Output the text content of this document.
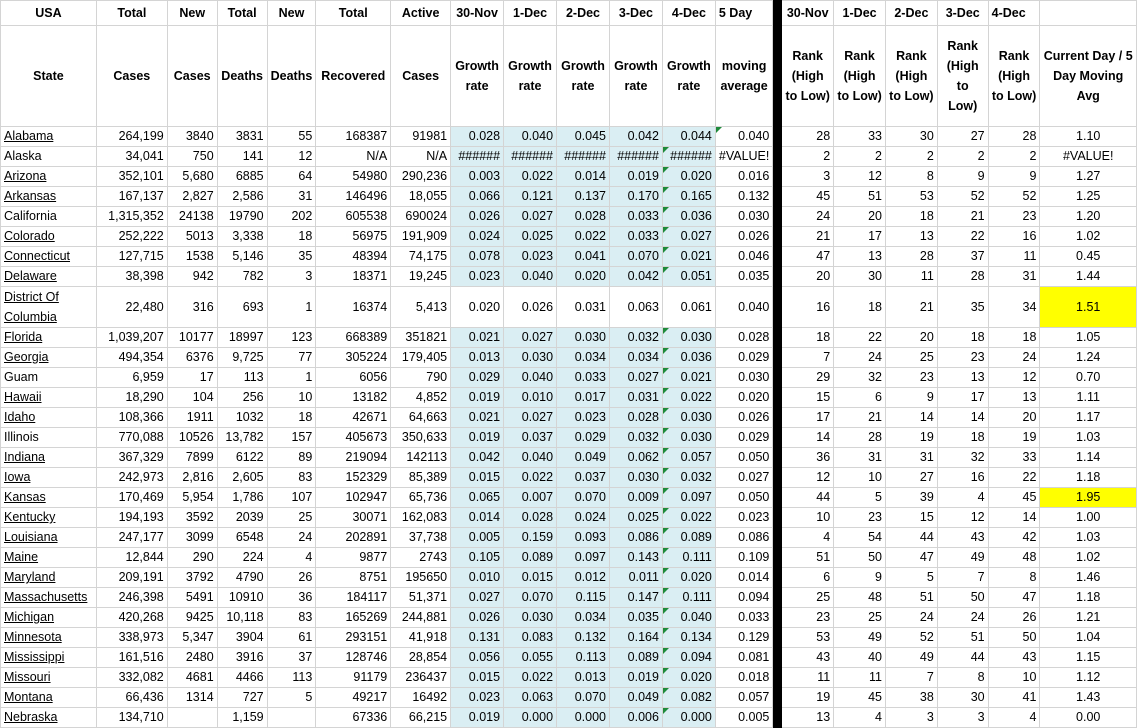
USA	Total	New	Total	New	Total	Active	30-Nov	1-Dec	2-Dec	3-Dec	4-Dec	5 Day		30-Nov	1-Dec	2-Dec	3-Dec	4-Dec	
State	Cases	Cases	Deaths	Deaths	Recovered	Cases	Growth rate	Growth rate	Growth rate	Growth rate	Growth rate	moving average		Rank (High to Low)	Rank (High to Low)	Rank (High to Low)	Rank (High to Low)	Rank (High to Low)	Current Day / 5 Day Moving Avg
Alabama	264,199	3840	3831	55	168387	91981	0.028	0.040	0.045	0.042	0.044	0.040		28	33	30	27	28	1.10
Alaska	34,041	750	141	12	N/A	N/A	######	######	######	######	######	#VALUE!		2	2	2	2	2	#VALUE!
Arizona	352,101	5,680	6885	64	54980	290,236	0.003	0.022	0.014	0.019	0.020	0.016		3	12	8	9	9	1.27
Arkansas	167,137	2,827	2,586	31	146496	18,055	0.066	0.121	0.137	0.170	0.165	0.132		45	51	53	52	52	1.25
California	1,315,352	24138	19790	202	605538	690024	0.026	0.027	0.028	0.033	0.036	0.030		24	20	18	21	23	1.20
Colorado	252,222	5013	3,338	18	56975	191,909	0.024	0.025	0.022	0.033	0.027	0.026		21	17	13	22	16	1.02
Connecticut	127,715	1538	5,146	35	48394	74,175	0.078	0.023	0.041	0.070	0.021	0.046		47	13	28	37	11	0.45
Delaware	38,398	942	782	3	18371	19,245	0.023	0.040	0.020	0.042	0.051	0.035		20	30	11	28	31	1.44
District Of Columbia	22,480	316	693	1	16374	5,413	0.020	0.026	0.031	0.063	0.061	0.040		16	18	21	35	34	1.51
Florida	1,039,207	10177	18997	123	668389	351821	0.021	0.027	0.030	0.032	0.030	0.028		18	22	20	18	18	1.05
Georgia	494,354	6376	9,725	77	305224	179,405	0.013	0.030	0.034	0.034	0.036	0.029		7	24	25	23	24	1.24
Guam	6,959	17	113	1	6056	790	0.029	0.040	0.033	0.027	0.021	0.030		29	32	23	13	12	0.70
Hawaii	18,290	104	256	10	13182	4,852	0.019	0.010	0.017	0.031	0.022	0.020		15	6	9	17	13	1.11
Idaho	108,366	1911	1032	18	42671	64,663	0.021	0.027	0.023	0.028	0.030	0.026		17	21	14	14	20	1.17
Illinois	770,088	10526	13,782	157	405673	350,633	0.019	0.037	0.029	0.032	0.030	0.029		14	28	19	18	19	1.03
Indiana	367,329	7899	6122	89	219094	142113	0.042	0.040	0.049	0.062	0.057	0.050		36	31	31	32	33	1.14
Iowa	242,973	2,816	2,605	83	152329	85,389	0.015	0.022	0.037	0.030	0.032	0.027		12	10	27	16	22	1.18
Kansas	170,469	5,954	1,786	107	102947	65,736	0.065	0.007	0.070	0.009	0.097	0.050		44	5	39	4	45	1.95
Kentucky	194,193	3592	2039	25	30071	162,083	0.014	0.028	0.024	0.025	0.022	0.023		10	23	15	12	14	1.00
Louisiana	247,177	3099	6548	24	202891	37,738	0.005	0.159	0.093	0.086	0.089	0.086		4	54	44	43	42	1.03
Maine	12,844	290	224	4	9877	2743	0.105	0.089	0.097	0.143	0.111	0.109		51	50	47	49	48	1.02
Maryland	209,191	3792	4790	26	8751	195650	0.010	0.015	0.012	0.011	0.020	0.014		6	9	5	7	8	1.46
Massachusetts	246,398	5491	10910	36	184117	51,371	0.027	0.070	0.115	0.147	0.111	0.094		25	48	51	50	47	1.18
Michigan	420,268	9425	10,118	83	165269	244,881	0.026	0.030	0.034	0.035	0.040	0.033		23	25	24	24	26	1.21
Minnesota	338,973	5,347	3904	61	293151	41,918	0.131	0.083	0.132	0.164	0.134	0.129		53	49	52	51	50	1.04
Mississippi	161,516	2480	3916	37	128746	28,854	0.056	0.055	0.113	0.089	0.094	0.081		43	40	49	44	43	1.15
Missouri	332,082	4681	4466	113	91179	236437	0.015	0.022	0.013	0.019	0.020	0.018		11	11	7	8	10	1.12
Montana	66,436	1314	727	5	49217	16492	0.023	0.063	0.070	0.049	0.082	0.057		19	45	38	30	41	1.43
Nebraska	134,710		1,159		67336	66,215	0.019	0.000	0.000	0.006	0.000	0.005		13	4	3	3	4	0.00
